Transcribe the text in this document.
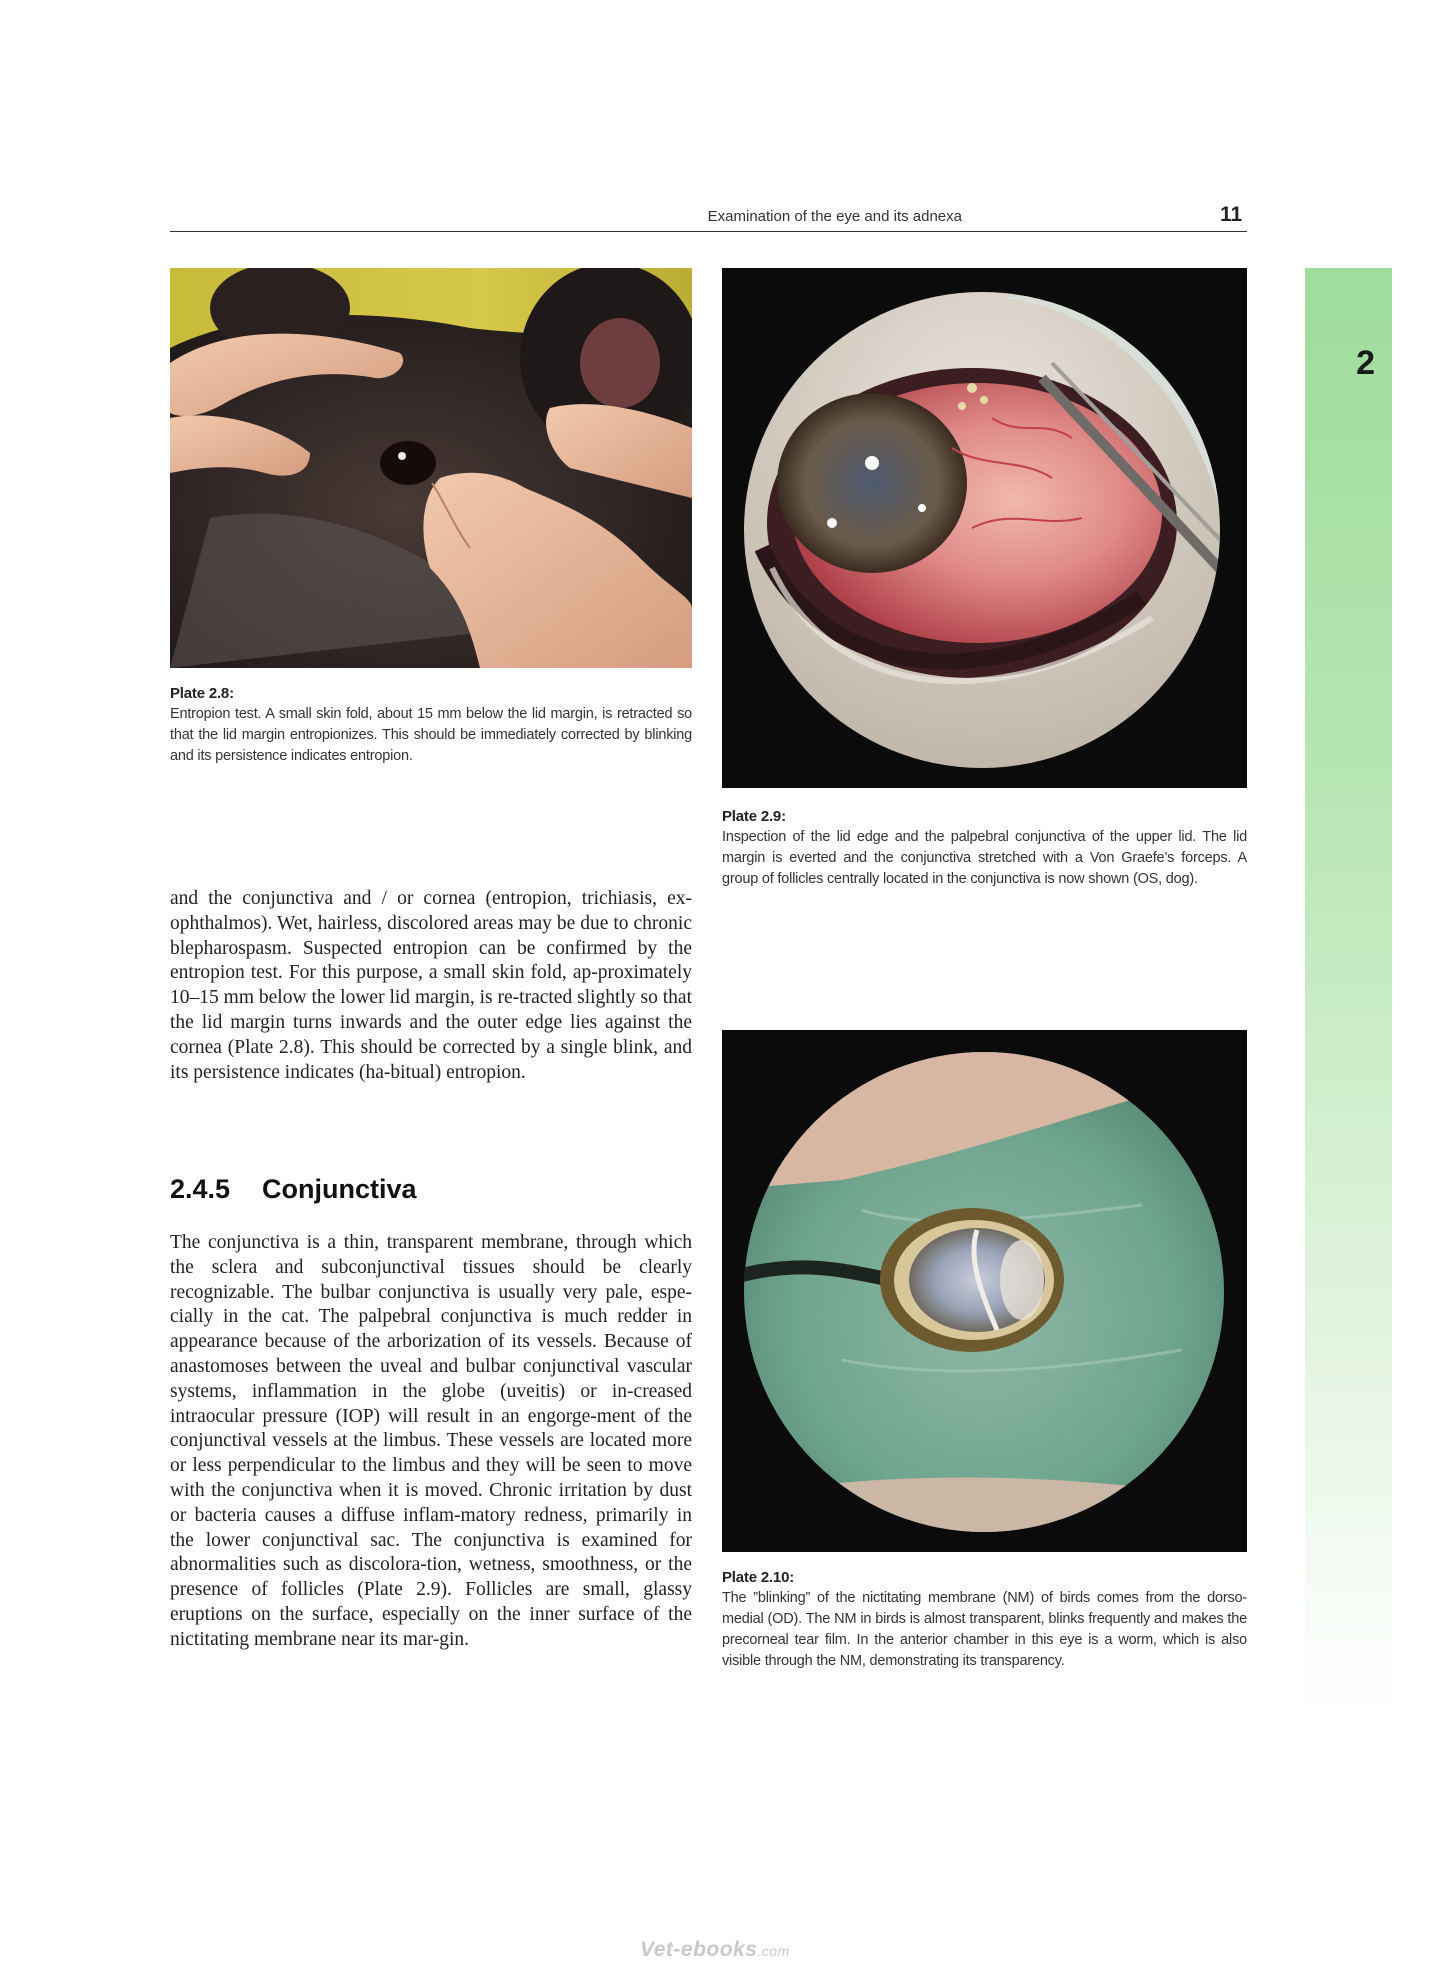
Examination of the eye and its adnexa	11
2
Plate 2.8:
Entropion test. A small skin fold, about 15 mm below the lid margin, is retracted so that the lid margin entropionizes. This should be immediately corrected by blinking and its persistence indicates entropion.
Plate 2.9:
Inspection of the lid edge and the palpebral conjunctiva of the upper lid. The lid margin is everted and the conjunctiva stretched with a Von Graefe’s forceps. A group of follicles centrally located in the conjunctiva is now shown (OS, dog).

and the conjunctiva and / or cornea (entropion, trichiasis, ex-ophthalmos). Wet, hairless, discolored areas may be due to chronic blepharospasm. Suspected entropion can be confirmed by the entropion test. For this purpose, a small skin fold, ap-proximately 10–15 mm below the lower lid margin, is re-tracted slightly so that the lid margin turns inwards and the outer edge lies against the cornea (Plate 2.8). This should be corrected by a single blink, and its persistence indicates (ha-bitual) entropion.

2.4.5 Conjunctiva

The conjunctiva is a thin, transparent membrane, through which the sclera and subconjunctival tissues should be clearly recognizable. The bulbar conjunctiva is usually very pale, espe-cially in the cat. The palpebral conjunctiva is much redder in appearance because of the arborization of its vessels. Because of anastomoses between the uveal and bulbar conjunctival vascular systems, inflammation in the globe (uveitis) or in-creased intraocular pressure (IOP) will result in an engorge-ment of the conjunctival vessels at the limbus. These vessels are located more or less perpendicular to the limbus and they will be seen to move with the conjunctiva when it is moved. Chronic irritation by dust or bacteria causes a diffuse inflam-matory redness, primarily in the lower conjunctival sac. The conjunctiva is examined for abnormalities such as discolora-tion, wetness, smoothness, or the presence of follicles (Plate 2.9). Follicles are small, glassy eruptions on the surface, especially on the inner surface of the nictitating membrane near its mar-gin.

Plate 2.10:
The ”blinking” of the nictitating membrane (NM) of birds comes from the dorso-medial (OD). The NM in birds is almost transparent, blinks frequently and makes the precorneal tear film. In the anterior chamber in this eye is a worm, which is also visible through the NM, demonstrating its transparency.
Vet-ebooks.com
